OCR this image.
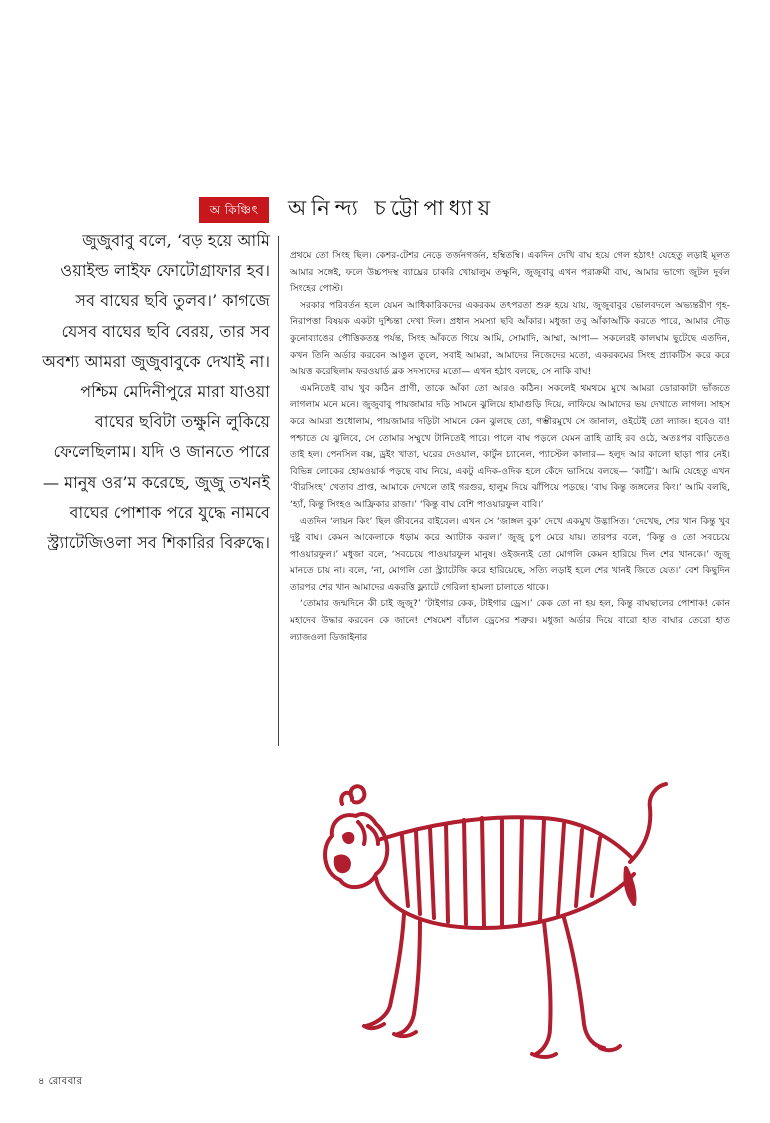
অ কিঞ্চিৎ	অনিন্দ্য চট্টোপাধ্যায়

জুজুবাবু বলে, ‘বড় হয়ে আমি ওয়াইল্ড লাইফ ফোটোগ্রাফার হব। সব বাঘের ছবি তুলব।’ কাগজে যেসব বাঘের ছবি বেরয়, তার সব অবশ্য আমরা জুজুবাবুকে দেখাই না। পশ্চিম মেদিনীপুরে মারা যাওয়া বাঘের ছবিটা তক্ষুনি লুকিয়ে ফেলেছিলাম। যদি ও জানতে পারে— মানুষ ওর’ম করেছে, জুজু তখনই বাঘের পোশাক পরে যুদ্ধে নামবে স্ট্র্যাটেজিওলা সব শিকারির বিরুদ্ধে।

প্রথমে তো সিংহ ছিল। কেশর-টেশর নেড়ে তর্জনগর্জন, হম্বিতম্বি। একদিন দেখি বাঘ হয়ে গেল হঠাৎ! যেহেতু লড়াই মূলত আমার সঙ্গেই, ফলে উচ্চপদস্থ ব্যাঘ্রের চাকরি খোয়ালুম তক্ষুনি, জুজুবাবু এখন পরাক্রমী বাঘ, আমার ভাগ্যে জুটল দুর্বল সিংহের পোস্ট।

সরকার পরিবর্তন হলে যেমন আধিকারিকদের একরকম তৎপরতা শুরু হয়ে যায়, জুজুবাবুর ভোলবদলে অভ্যন্তরীণ গৃহ-নিরাপত্তা বিষয়ক একটা দুশ্চিন্তা দেখা দিল। প্রধান সমস্যা ছবি আঁকার। মধুজা তবু আঁকাআঁকি করতে পারে, আমার দৌড় কুনোব্যাঙের পৌত্তিকতন্ত্র পর্যন্ত, সিংহ আঁকতে গিয়ে আমি, সোমাদি, আম্মা, আপা— সকলেরই কালঘাম ছুটেছে এতদিন, কখন তিনি অর্ডার করবেন আঙুল তুলে, সবাই আমরা, আমাদের নিজেদের মতো, একরকমের সিংহ প্র্যাকটিস করে করে আয়ত্ত করেছিলাম ফরওয়ার্ড ব্লক সদস্যদের মতো— এখন হঠাৎ বলছে, সে নাকি বাঘ!

এমনিতেই বাঘ খুব কঠিন প্রাণী, তাকে আঁকা তো আরও কঠিন। সকলেই থমথমে মুখে আমরা ডোরাকাটা ভাঁজতে লাগলাম মনে মনে। জুজুবাবু পায়জামার দড়ি সামনে ঝুলিয়ে হামাগুড়ি দিয়ে, লাফিয়ে আমাদের ভয় দেখাতে লাগল। সাহস করে আমরা শুধোলাম, পায়জামার দড়িটা সামনে কেন ঝুলছে তো, গম্ভীরমুখে সে জানাল, ওইটেই তো ল্যাজ। হবেও বা! পশ্চাতে যে ঝুলিবে, সে তোমার সম্মুখে টানিতেই পারে। পালে বাঘ পড়লে যেমন ত্রাহি ত্রাহি রব ওঠে, অতঃপর বাড়িতেও তাই হল। পেনসিল বক্স, ড্রইং খাতা, ঘরের দেওয়াল, কার্টুন চ্যানেল, প্যাস্টেল কালার— হলুদ আর কালো ছাড়া পার নেই। বিভিন্ন লোকের হোমওয়ার্ক পড়ছে বাঘ নিয়ে, একটু এদিক-ওদিক হলে কেঁদে ভাসিয়ে বলছে— ‘কাট্টি’। আমি যেহেতু এখন ‘বীরসিংহ’ খেতাব প্রাপ্ত, আমাকে দেখলে তাই গরগুর, হালুম দিয়ে ঝাঁপিয়ে পড়ছে। ‘বাঘ কিন্তু জঙ্গলের কিং।’ আমি বলছি, ‘হ্যাঁ, কিন্তু সিংহও আফ্রিকার রাজা।’ ‘কিন্তু বাঘ বেশি পাওয়ারফুল বাবি।’

এতদিন ‘লায়ন কিং’ ছিল জীবনের বাইবেল। এখন সে ‘জাঙ্গল বুক’ দেখে একমুখ উদ্ভাসিত। ‘দেখেছ, শের খান কিন্তু খুব দুষ্টু বাঘ। কেমন আকেলাকে ধড়াম করে অ্যাটাক করল।’ জুজু চুপ মেরে যায়। তারপর বলে, ‘কিন্তু ও তো সবচেয়ে পাওয়ারফুল।’ মধুজা বলে, ‘সবচেয়ে পাওয়ারফুল মানুষ। ওইজন্যই তো মোগলি কেমন হারিয়ে দিল শের খানকে।’ জুজু মানতে চায় না। বলে, ‘না, মোগলি তো স্ট্র্যাটেজি করে হারিয়েছে, সত্যি লড়াই হলে শের খানই জিতে যেত।’ বেশ কিছুদিন তারপর শের খান আমাদের একরত্তি ফ্ল্যাটে গেরিলা হামলা চালাতে থাকে।

‘তোমার জন্মদিনে কী চাই জুজু?’ ‘টাইগার কেক, টাইগার ড্রেস।’ কেক তো না হয় হল, কিন্তু বাঘছালের পোশাক! কোন মহাদেব উদ্ধার করবেন কে জানে! শেষমেশ বাঁচাল ড্রেসের শত্রুর। মধুজা অর্ডার দিয়ে বারো হাত বাঘার তেরো হাত ল্যাজওলা ডিজাইনার

৪ রোববার
